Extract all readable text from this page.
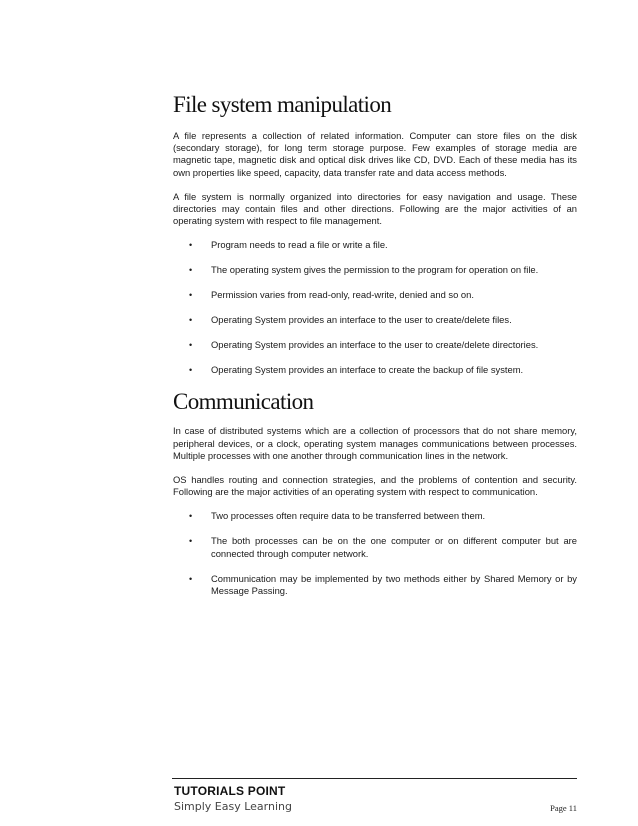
File system manipulation

A file represents a collection of related information. Computer can store files on the disk (secondary storage), for long term storage purpose. Few examples of storage media are magnetic tape, magnetic disk and optical disk drives like CD, DVD. Each of these media has its own properties like speed, capacity, data transfer rate and data access methods.

A file system is normally organized into directories for easy navigation and usage. These directories may contain files and other directions. Following are the major activities of an operating system with respect to file management.

• Program needs to read a file or write a file.
• The operating system gives the permission to the program for operation on file.
• Permission varies from read-only, read-write, denied and so on.
• Operating System provides an interface to the user to create/delete files.
• Operating System provides an interface to the user to create/delete directories.
• Operating System provides an interface to create the backup of file system.
Communication

In case of distributed systems which are a collection of processors that do not share memory, peripheral devices, or a clock, operating system manages communications between processes. Multiple processes with one another through communication lines in the network.

OS handles routing and connection strategies, and the problems of contention and security. Following are the major activities of an operating system with respect to communication.

• Two processes often require data to be transferred between them.
• The both processes can be on the one computer or on different computer but are connected through computer network.
• Communication may be implemented by two methods either by Shared Memory or by Message Passing.
TUTORIALS POINT
Simply Easy Learning	Page 11
